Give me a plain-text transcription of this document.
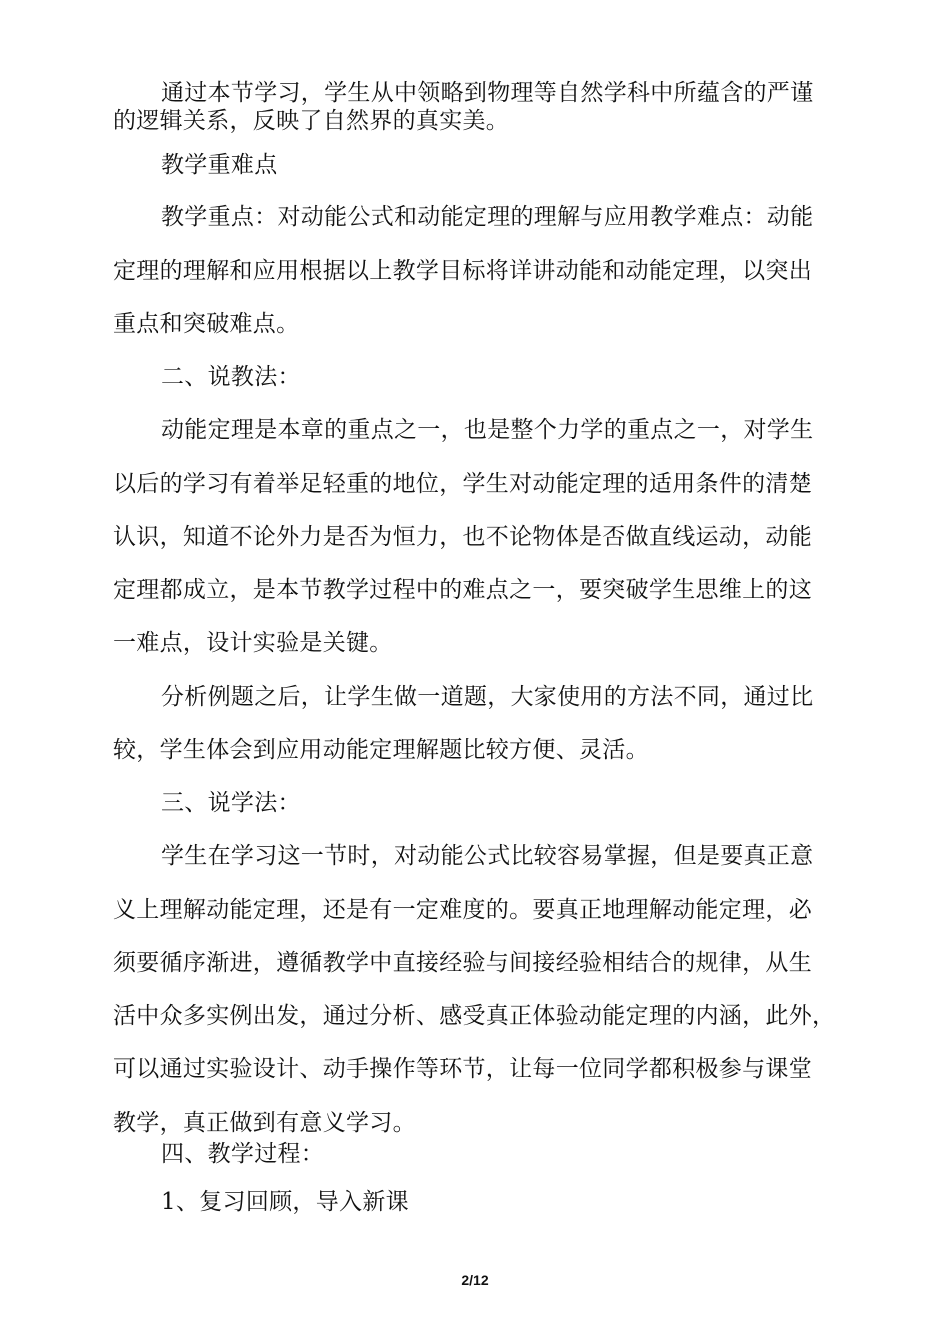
通过本节学习，学生从中领略到物理等自然学科中所蕴含的严谨
的逻辑关系，反映了自然界的真实美。
教学重难点
教学重点：对动能公式和动能定理的理解与应用教学难点：动能
定理的理解和应用根据以上教学目标将详讲动能和动能定理，以突出
重点和突破难点。
二、说教法：
动能定理是本章的重点之一，也是整个力学的重点之一，对学生
以后的学习有着举足轻重的地位，学生对动能定理的适用条件的清楚
认识，知道不论外力是否为恒力，也不论物体是否做直线运动，动能
定理都成立，是本节教学过程中的难点之一，要突破学生思维上的这
一难点，设计实验是关键。
分析例题之后，让学生做一道题，大家使用的方法不同，通过比
较，学生体会到应用动能定理解题比较方便、灵活。
三、说学法：
学生在学习这一节时，对动能公式比较容易掌握，但是要真正意
义上理解动能定理，还是有一定难度的。要真正地理解动能定理，必
须要循序渐进，遵循教学中直接经验与间接经验相结合的规律，从生
活中众多实例出发，通过分析、感受真正体验动能定理的内涵，此外，
可以通过实验设计、动手操作等环节，让每一位同学都积极参与课堂
教学，真正做到有意义学习。
四、教学过程：
1、复习回顾，导入新课
2/12
